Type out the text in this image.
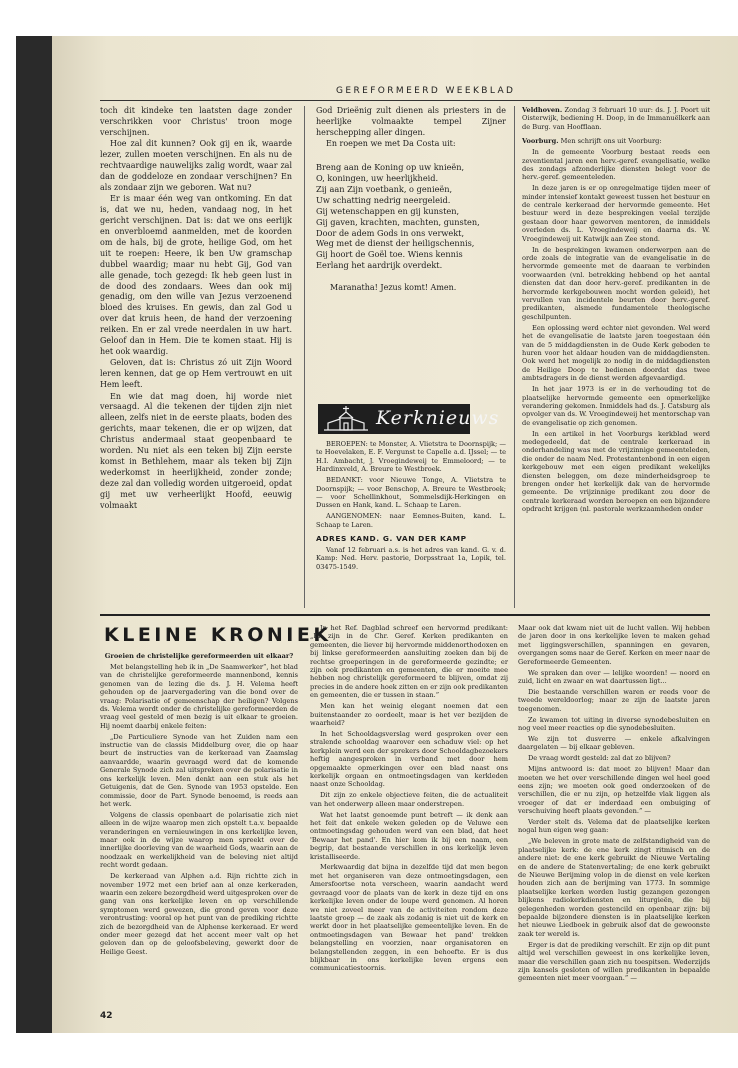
GEREFORMEERD WEEKBLAD

toch dit kindeke ten laatsten dage zonder verschrikken voor Christus' troon moge verschijnen.

Hoe zal dit kunnen? Ook gij en ik, waarde lezer, zullen moeten verschijnen. En als nu de rechtvaardige nauwelijks zalig wordt, waar zal dan de goddeloze en zondaar verschijnen? En als zondaar zijn we geboren. Wat nu?

Er is maar één weg van ontkoming. En dat is, dat we nu, heden, vandaag nog, in het gericht verschijnen. Dat is: dat we ons eerlijk en onverbloemd aanmelden, met de koorden om de hals, bij de grote, heilige God, om het uit te roepen: Heere, ik ben Uw gramschap dubbel waardig; maar nu hebt Gij, God van alle genade, toch gezegd: Ik heb geen lust in de dood des zondaars. Wees dan ook mij genadig, om den wille van Jezus verzoenend bloed des kruises. En gewis, dan zal God u over dat kruis heen, de hand der verzoening reiken. En er zal vrede neerdalen in uw hart. Geloof dan in Hem. Die te komen staat. Hij is het ook waardig.

Geloven, dat is: Christus zó uit Zijn Woord leren kennen, dat ge op Hem vertrouwt en uit Hem leeft.

En wie dat mag doen, hij worde niet versaagd. Al die tekenen der tijden zijn niet alleen, zelfs niet in de eerste plaats, boden des gerichts, maar tekenen, die er op wijzen, dat Christus andermaal staat geopenbaard te worden. Nu niet als een teken bij Zijn eerste komst in Bethlehem, maar als teken bij Zijn wederkomst in heerlijkheid, zonder zonde; deze zal dan volledig worden uitgeroeid, opdat gij met uw verheerlijkt Hoofd, eeuwig volmaakt

God Drieënig zult dienen als priesters in de heerlijke volmaakte tempel Zijner herschepping aller dingen.

En roepen we met Da Costa uit:

Breng aan de Koning op uw knieën,
O, koningen, uw heerlijkheid.
Zij aan Zijn voetbank, o genieën,
Uw schatting nedrig neergeleid.
Gij wetenschappen en gij kunsten,
Gij gaven, krachten, machten, gunsten,
Door de adem Gods in ons verwekt,
Weg met de dienst der heiligschennis,
Gij hoort de Goël toe. Wiens kennis
Eerlang het aardrijk overdekt.

Maranatha! Jezus komt! Amen.

Kerknieuws

BEROEPEN: te Monster, A. Vlietstra te Doornspijk; — te Hoevelaken, E. F. Vergunst te Capelle a.d. IJssel; — te H.I. Ambacht, J. Vroegindeweij te Emmeloord; — te Hardinxveld, A. Breure te Westbroek.

BEDANKT: voor Nieuwe Tonge, A. Vlietstra te Doornspijk; — voor Benschop, A. Breure te Westbroek; — voor Schellinkhout, Sommelsdijk-Herkingen en Dussen en Hank, kand. L. Schaap te Laren.

AANGENOMEN: naar Eemnes-Buiten, kand. L. Schaap te Laren.

ADRES KAND. G. VAN DER KAMP

Vanaf 12 februari a.s. is het adres van kand. G. v. d. Kamp: Ned. Herv. pastorie, Dorpsstraat 1a, Lopik, tel. 03475-1549.

Veldhoven. Zondag 3 februari 10 uur: ds. J. J. Poort uit Oisterwijk, bediening H. Doop, in de Immanuëlkerk aan de Burg. van Hoofflaan.

Voorburg. Men schrijft ons uit Voorburg:

In de gemeente Voorburg bestaat reeds een zeventiental jaren een herv.-geref. evangelisatie, welke des zondags afzonderlijke diensten belegt voor de herv.-geref. gemeenteleden.

In deze jaren is er op onregelmatige tijden meer of minder intensief kontakt geweest tussen het bestuur en de centrale kerkeraad der hervormde gemeente. Het bestuur werd in deze besprekingen veelal terzijde gestaan door haar geworven mentoren, de inmiddels overleden ds. L. Vroegindeweij en daarna ds. W. Vroegindeweij uit Katwijk aan Zee stond.

In de besprekingen kwamen onderwerpen aan de orde zoals de integratie van de evangelisatie in de hervormde gemeente met de daaraan te verbinden voorwaarden (vnl. betrekking hebbend op het aantal diensten dat dan door herv.-geref. predikanten in de hervormde kerkgebouwen mocht worden geleid), het vervullen van incidentele beurten door herv.-geref. predikanten, alsmede fundamentele theologische geschilpunten.

Een oplossing werd echter niet gevonden. Wel werd het de evangelisatie de laatste jaren toegestaan één van de 5 middagdiensten in de Oude Kerk geboden te huren voor het aldaar houden van de middagdiensten. Ook werd het mogelijk zo nodig in de middagdiensten de Heilige Doop te bedienen doordat das twee ambtsdragers in de dienst werden afgevaardigd.

In het jaar 1973 is er in de verhouding tot de plaatselijke hervormde gemeente een opmerkelijke verandering gekomen. Inmiddels had ds. J. Catsburg als opvolger van ds. W. Vroegindeweij het mentorschap van de evangelisatie op zich genomen.

In een artikel in het Voorburgs kerkblad werd medegedeeld, dat de centrale kerkeraad in onderhandeling was met de vrijzinnige gemeenteleden, die onder de naam Ned. Protestantenbond in een eigen kerkgebouw met een eigen predikant wekelijks diensten beleggen, om deze minderheidsgroep te brengen onder het kerkelijk dak van de hervormde gemeente. De vrijzinnige predikant zou door de centrale kerkeraad worden beroepen en een bijzondere opdracht krijgen (nl. pastorale werkzaamheden onder

KLEINE KRONIEK

Groeien de christelijke gereformeerden uit elkaar?

Met belangstelling heb ik in „De Saamwerker”, het blad van de christelijke gereformeerde mannenbond, kennis genomen van de lezing die ds. J. H. Velema heeft gehouden op de jaarvergadering van die bond over de vraag: Polarisatie of gemeenschap der heiligen? Volgens ds. Velema wordt onder de christelijke gereformeerden de vraag veel gesteld of men bezig is uit elkaar te groeien. Hij noemt daarbij enkele feiten:

„De Particuliere Synode van het Zuiden nam een instructie van de classis Middelburg over, die op haar beurt de instructies van de kerkeraad van Zaamslag aanvaardde, waarin gevraagd werd dat de komende Generale Synode zich zal uitspreken over de polarisatie in ons kerkelijk leven. Men denkt aan een stuk als het Getuigenis, dat de Gen. Synode van 1953 opstelde. Een commissie, door de Part. Synode benoemd, is reeds aan het werk.

Volgens de classis openbaart de polarisatie zich niet alleen in de wijze waarop men zich opstelt t.a.v. bepaalde veranderingen en vernieuwingen in ons kerkelijke leven, maar ook in de wijze waarop men spreekt over de innerlijke doorleving van de waarheid Gods, waarin aan de noodzaak en werkelijkheid van de beleving niet altijd recht wordt gedaan.

De kerkeraad van Alphen a.d. Rijn richtte zich in november 1972 met een brief aan al onze kerkeraden, waarin een zekere bezorgdheid werd uitgesproken over de gang van ons kerkelijke leven en op verschillende symptomen werd gewezen, die grond geven voor deze verontrusting: vooral op het punt van de prediking richtte zich de bezorgdheid van de Alphense kerkeraad. Er werd onder meer gezegd dat het accent meer valt op het geloven dan op de geloofsbeleving, gewerkt door de Heilige Geest.

In het Ref. Dagblad schreef een hervormd predikant: „Er zijn in de Chr. Geref. Kerken predikanten en gemeenten, die liever bij hervormde middenorthodoxen en bij linkse gereformeerden aansluiting zoeken dan bij de rechtse groeperingen in de gereformeerde gezindte; er zijn ook predikanten en gemeenten, die er moeite mee hebben nog christelijk gereformeerd te blijven, omdat zij precies in de andere hoek zitten en er zijn ook predikanten en gemeenten, die er tussen in staan.”

Men kan het weinig elegant noemen dat een buitenstaander zo oordeelt, maar is het ver bezijden de waarheid?

In het Schooldagsverslag werd gesproken over een stralende schooldag waarover een schaduw viel: op het kerkplein werd een der sprekers door Schooldagbezoekers heftig aangesproken in verband met door hem opgemaakte opmerkingen over een blad naast ons kerkelijk orgaan en ontmoetingsdagen van kerkleden naast onze Schooldag.

Dit zijn zo enkele objectieve feiten, die de actualiteit van het onderwerp alleen maar onderstrepen.

Wat het laatst genoemde punt betreft — ik denk aan het feit dat enkele weken geleden op de Veluwe een ontmoetingsdag gehouden werd van een blad, dat heet 'Bewaar het pand'. En hier kom ik bij een naam, een begrip, dat bestaande verschillen in ons kerkelijk leven kristalliseerde.

Merkwaardig dat bijna in dezelfde tijd dat men begon met het organiseren van deze ontmoetingsdagen, een Amersfoortse nota verscheen, waarin aandacht werd gevraagd voor de plaats van de kerk in deze tijd en ons kerkelijke leven onder de loupe werd genomen. Al horen we niet zoveel meer van de activiteiten rondom deze laatste groep — de zaak als zodanig is niet uit de kerk en werkt door in het plaatselijke gemeentelijke leven. En de ontmoetingsdagen van Bewaar het pand' trekken belangstelling en voorzien, naar organisatoren en belangstellenden zeggen, in een behoefte. Er is dus blijkbaar in ons kerkelijke leven ergens een communicatiestoornis.

Maar ook dat kwam niet uit de lucht vallen. Wij hebben de jaren door in ons kerkelijke leven te maken gehad met liggingsverschillen, spanningen en gevaren, overgangen soms naar de Geref. Kerken en meer naar de Gereformeerde Gemeenten.

We spraken dan over — lelijke woorden! — noord en zuid, licht en zwaar en wat daartussen ligt...

Die bestaande verschillen waren er reeds voor de tweede wereldoorlog; maar ze zijn de laatste jaren toegenomen.

Ze kwamen tot uiting in diverse synodebesluiten en nog veel meer reacties op die synodebesluiten.

We zijn tot dusverre — enkele afkalvingen daargelaten — bij elkaar gebleven.

De vraag wordt gesteld: zal dat zo blijven?

Mijns antwoord is: dat moet zo blijven! Maar dan moeten we het over verschillende dingen wel heel goed eens zijn; we moeten ook goed onderzoeken of de verschillen, die er nu zijn, op hetzelfde vlak liggen als vroeger of dat er inderdaad een ombuiging of verschuiving heeft plaats gevonden.” —

Verder stelt ds. Velema dat de plaatselijke kerken nogal hun eigen weg gaan:

„We beleven in grote mate de zelfstandigheid van de plaatselijke kerk: de ene kerk zingt ritmisch en de andere niet: de ene kerk gebruikt de Nieuwe Vertaling en de andere de Statenvertaling; de ene kerk gebruikt de Nieuwe Berijming volop in de dienst en vele kerken houden zich aan de berijming van 1773. In sommige plaatselijke kerken worden lustig gezangen gezongen blijkens radiokerkdiensten en liturgieën, die bij gelegenheden worden gestencild en openbaar zijn: bij bepaalde bijzondere diensten is in plaatselijke kerken het nieuwe Liedboek in gebruik alsof dat de gewoonste zaak ter wereld is.

Erger is dat de prediking verschilt. Er zijn op dit punt altijd wel verschillen geweest in ons kerkelijke leven, maar die verschillen gaan zich nu toespitsen. Wederzijds zijn kansels gesloten of willen predikanten in bepaalde gemeenten niet meer voorgaan.” —

42
